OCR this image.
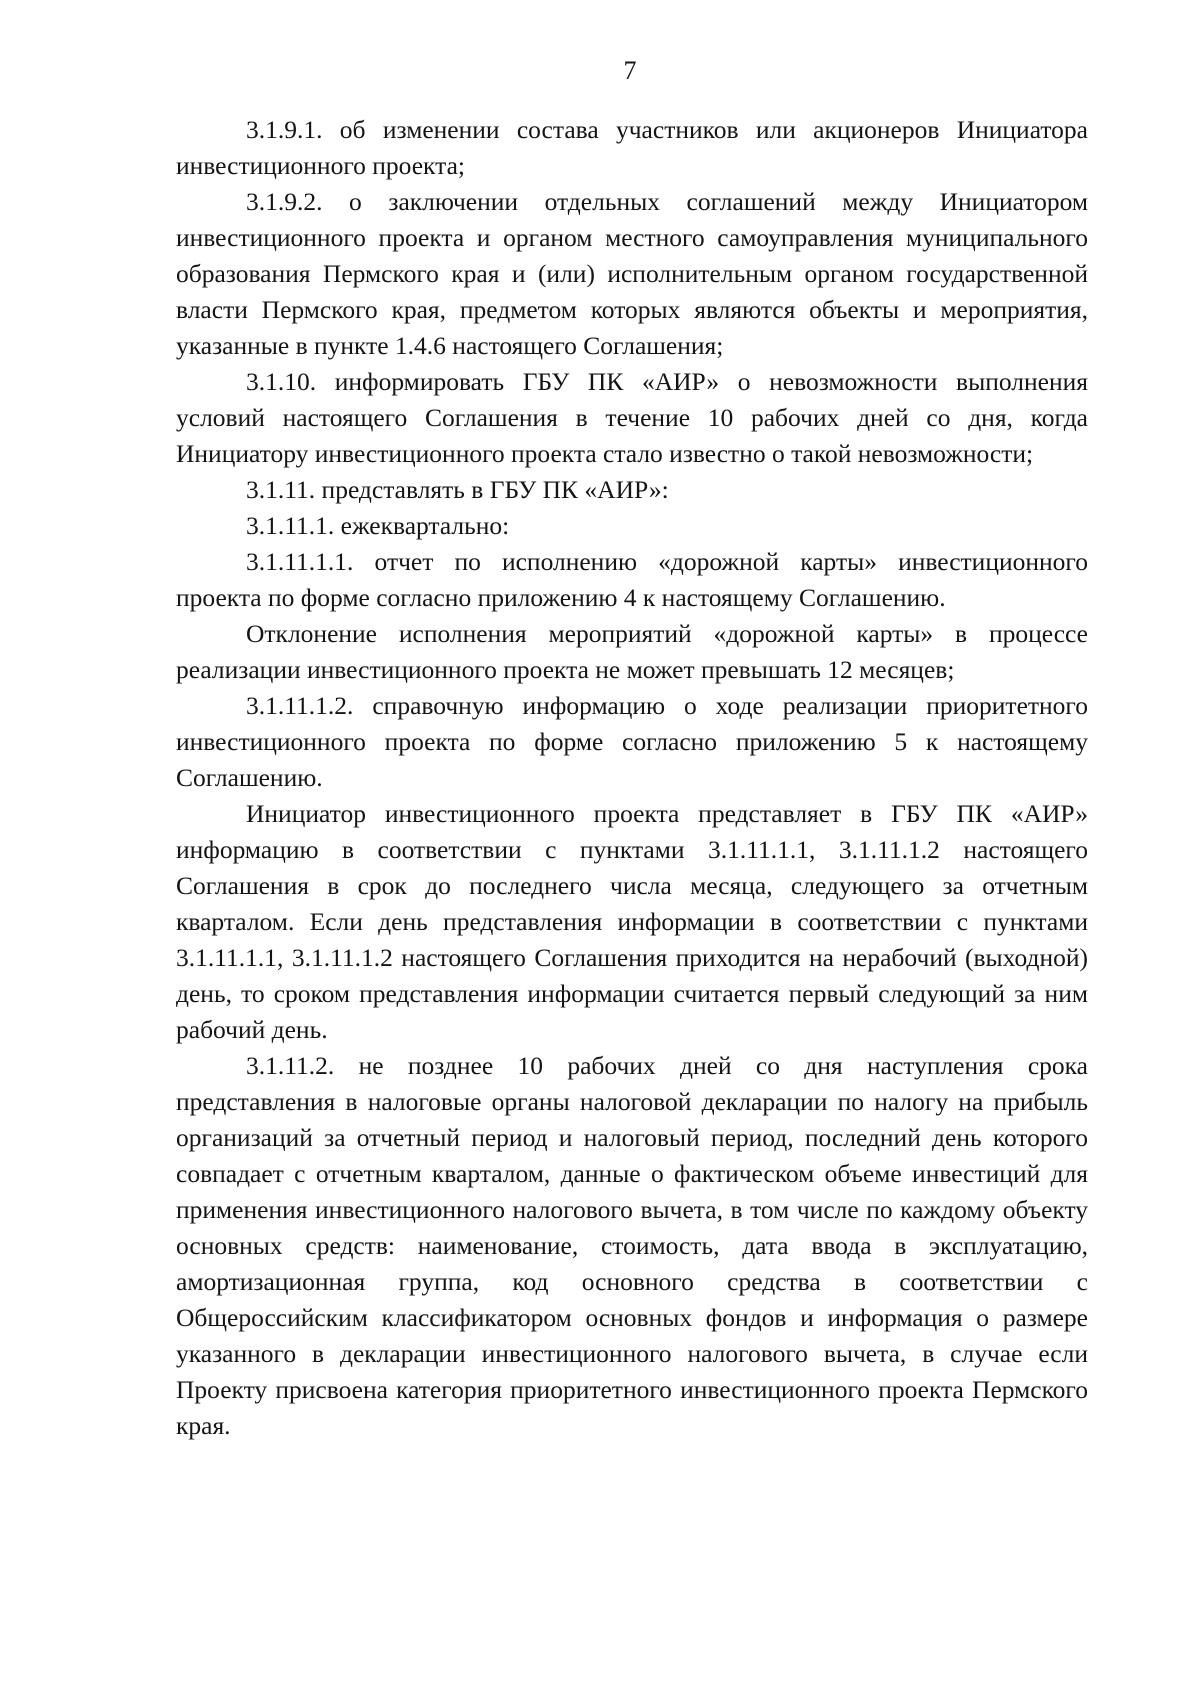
7

3.1.9.1. об изменении состава участников или акционеров Инициатора инвестиционного проекта;

3.1.9.2. о заключении отдельных соглашений между Инициатором инвестиционного проекта и органом местного самоуправления муниципального образования Пермского края и (или) исполнительным органом государственной власти Пермского края, предметом которых являются объекты и мероприятия, указанные в пункте 1.4.6 настоящего Соглашения;

3.1.10. информировать ГБУ ПК «АИР» о невозможности выполнения условий настоящего Соглашения в течение 10 рабочих дней со дня, когда Инициатору инвестиционного проекта стало известно о такой невозможности;

3.1.11. представлять в ГБУ ПК «АИР»:

3.1.11.1. ежеквартально:

3.1.11.1.1. отчет по исполнению «дорожной карты» инвестиционного проекта по форме согласно приложению 4 к настоящему Соглашению.

Отклонение исполнения мероприятий «дорожной карты» в процессе реализации инвестиционного проекта не может превышать 12 месяцев;

3.1.11.1.2. справочную информацию о ходе реализации приоритетного инвестиционного проекта по форме согласно приложению 5 к настоящему Соглашению.

Инициатор инвестиционного проекта представляет в ГБУ ПК «АИР» информацию в соответствии с пунктами 3.1.11.1.1, 3.1.11.1.2 настоящего Соглашения в срок до последнего числа месяца, следующего за отчетным кварталом. Если день представления информации в соответствии с пунктами 3.1.11.1.1, 3.1.11.1.2 настоящего Соглашения приходится на нерабочий (выходной) день, то сроком представления информации считается первый следующий за ним рабочий день.

3.1.11.2. не позднее 10 рабочих дней со дня наступления срока представления в налоговые органы налоговой декларации по налогу на прибыль организаций за отчетный период и налоговый период, последний день которого совпадает с отчетным кварталом, данные о фактическом объеме инвестиций для применения инвестиционного налогового вычета, в том числе по каждому объекту основных средств: наименование, стоимость, дата ввода в эксплуатацию, амортизационная группа, код основного средства в соответствии с Общероссийским классификатором основных фондов и информация о размере указанного в декларации инвестиционного налогового вычета, в случае если Проекту присвоена категория приоритетного инвестиционного проекта Пермского края.
